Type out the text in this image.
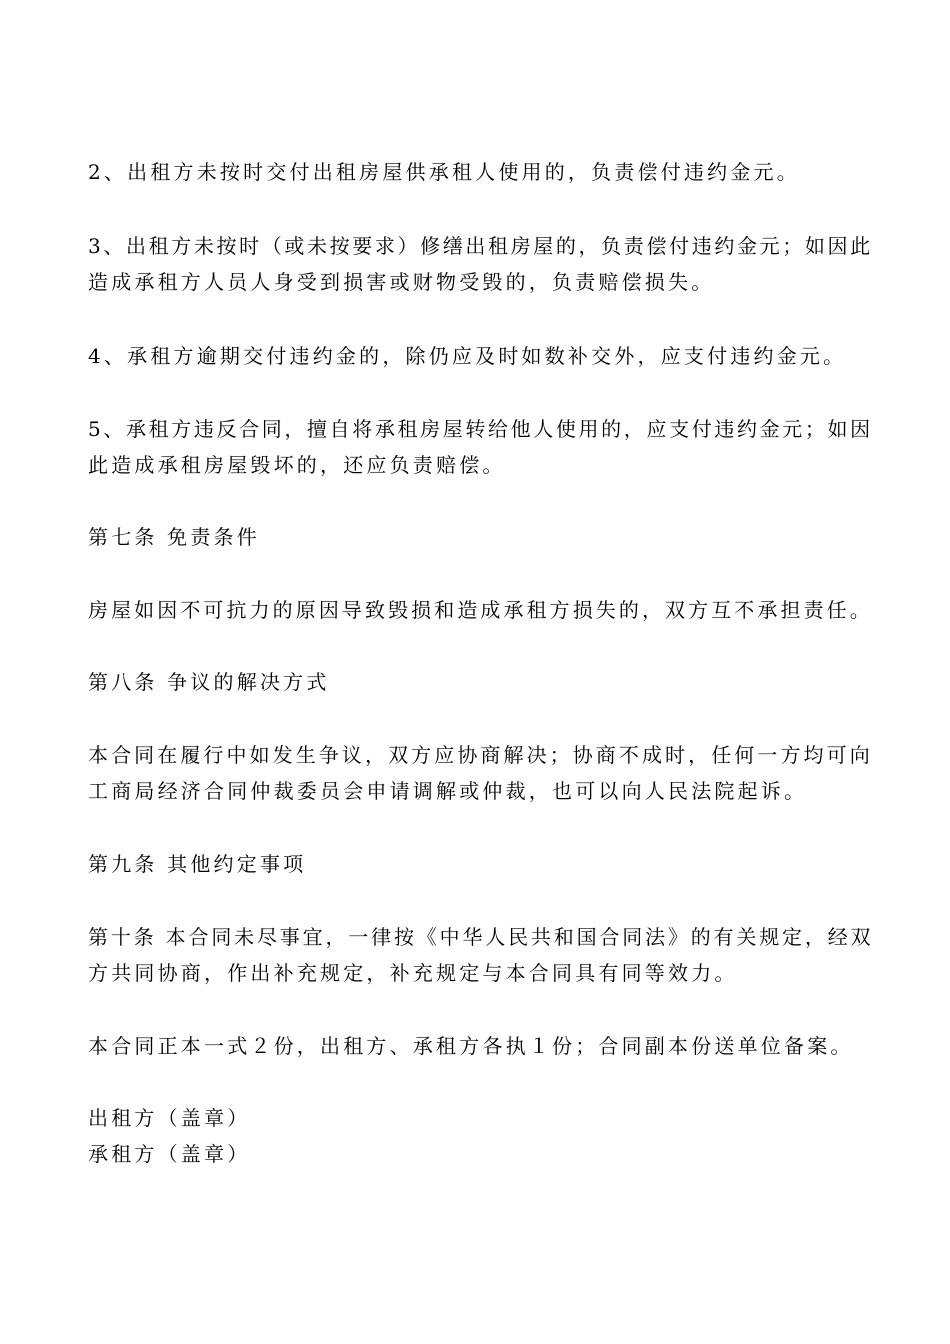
2、出租方未按时交付出租房屋供承租人使用的，负责偿付违约金元。
3、出租方未按时（或未按要求）修缮出租房屋的，负责偿付违约金元；如因此
造成承租方人员人身受到损害或财物受毁的，负责赔偿损失。
4、承租方逾期交付违约金的，除仍应及时如数补交外，应支付违约金元。
5、承租方违反合同，擅自将承租房屋转给他人使用的，应支付违约金元；如因
此造成承租房屋毁坏的，还应负责赔偿。
第七条 免责条件
房屋如因不可抗力的原因导致毁损和造成承租方损失的，双方互不承担责任。
第八条 争议的解决方式
本合同在履行中如发生争议，双方应协商解决；协商不成时，任何一方均可向
工商局经济合同仲裁委员会申请调解或仲裁，也可以向人民法院起诉。
第九条 其他约定事项
第十条 本合同未尽事宜，一律按《中华人民共和国合同法》的有关规定，经双
方共同协商，作出补充规定，补充规定与本合同具有同等效力。
本合同正本一式２份，出租方、承租方各执１份；合同副本份送单位备案。
出租方（盖章）
承租方（盖章）
